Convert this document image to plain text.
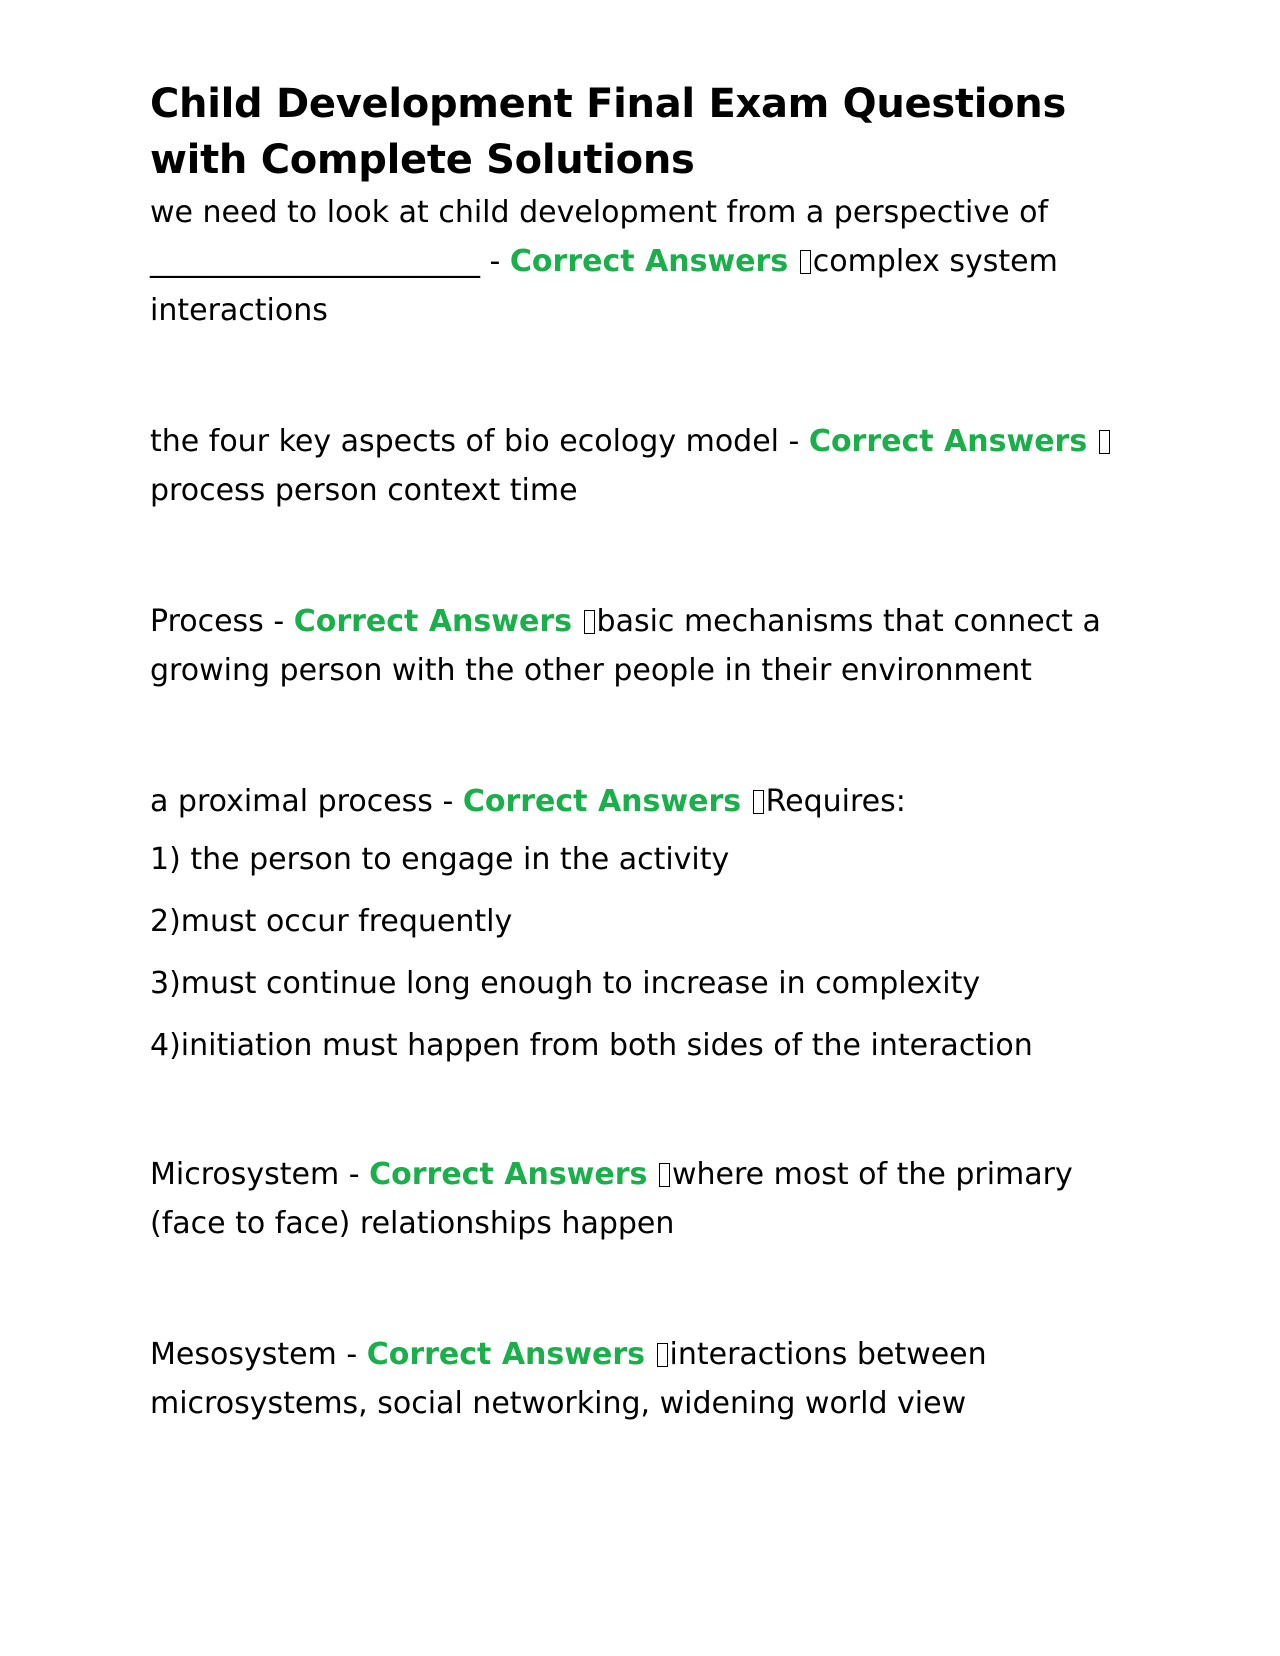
Child Development Final Exam Questions with Complete Solutions

we need to look at child development from a perspective of ______________________ - Correct Answers complex system interactions

the four key aspects of bio ecology model - Correct Answers process person context time

Process - Correct Answers basic mechanisms that connect a growing person with the other people in their environment

a proximal process - Correct Answers Requires:

1) the person to engage in the activity

2)must occur frequently

3)must continue long enough to increase in complexity

4)initiation must happen from both sides of the interaction

Microsystem - Correct Answers where most of the primary (face to face) relationships happen

Mesosystem - Correct Answers interactions between microsystems, social networking, widening world view
